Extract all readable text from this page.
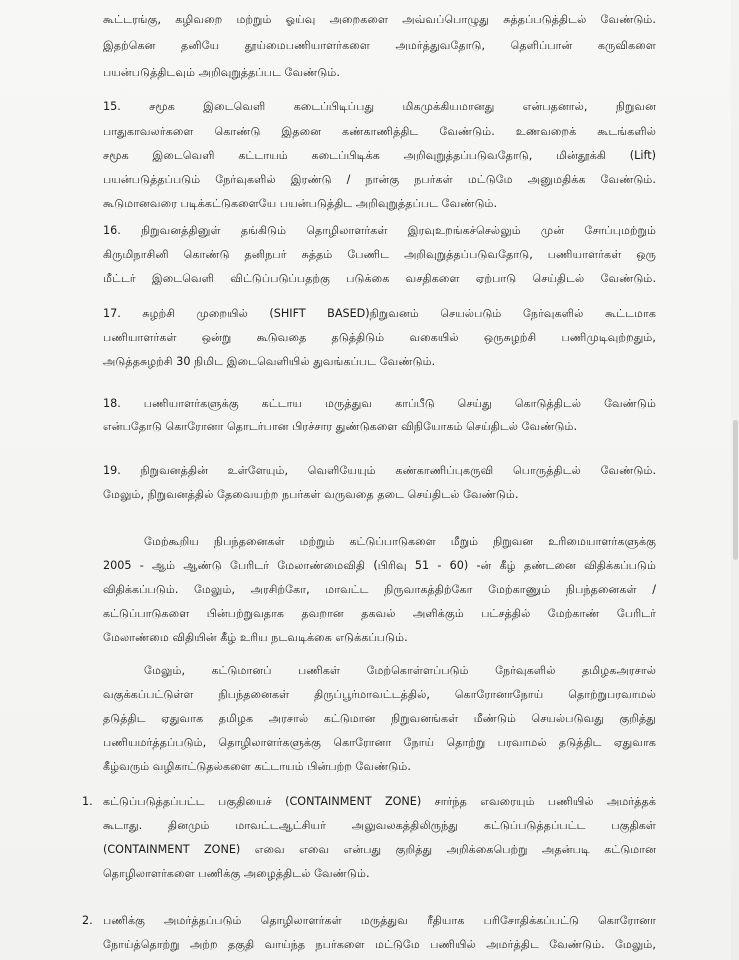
கூட்டரங்கு, கழிவறை மற்றும் ஓய்வு அறைகளை அவ்வப்பொழுது சுத்தப்படுத்திடல் வேண்டும்.
இதற்கென தனியே தூய்மைபணியாளர்களை அமர்த்துவதோடு, தெளிப்பான் கருவிகளை
பயன்படுத்திடவும் அறிவுறுத்தப்பட வேண்டும்.
15. சமூக இடைவெளி கடைப்பிடிப்பது மிகமுக்கியமானது என்பதனால், நிறுவன
பாதுகாவலர்களை கொண்டு இதனை கண்காணித்திட வேண்டும். உணவறைக் கூடங்களில்
சமூக இடைவெளி கட்டாயம் கடைப்பிடிக்க அறிவுறுத்தப்படுவதோடு, மின்தூக்கி (Lift)
பயன்படுத்தப்படும் நேர்வுகளில் இரண்டு / நான்கு நபர்கள் மட்டுமே அனுமதிக்க வேண்டும்.
கூடுமானவரை படிக்கட்டுகளையே பயன்படுத்திட அறிவுறுத்தப்பட வேண்டும்.
16. நிறுவனத்தினுள் தங்கிடும் தொழிலாளர்கள் இரவுஉறங்கச்செல்லும் முன் சோப்புமற்றும்
கிருமிநாசினி கொண்டு தனிநபர் சுத்தம் பேணிட அறிவுறுத்தப்படுவதோடு, பணியாளர்கள் ஒரு
மீட்டர் இடைவெளி விட்டுப்படுப்பதற்கு படுக்கை வசதிகளை ஏற்பாடு செய்திடல் வேண்டும்.
17. சுழற்சி முறையில் (SHIFT BASED)நிறுவனம் செயல்படும் நேர்வுகளில் கூட்டமாக
பணியாளர்கள் ஒன்று கூடுவதை தடுத்திடும் வகையில் ஒருசுழற்சி பணிமுடிவுற்றதும்,
அடுத்தசுழற்சி 30 நிமிட இடைவெளியில் துவங்கப்பட வேண்டும்.
18. பணியாளர்களுக்கு கட்டாய மருத்துவ காப்பீடு செய்து கொடுத்திடல் வேண்டும்
என்பதோடு கொரோனா தொடர்பான பிரச்சார துண்டுகளை விநியோகம் செய்திடல் வேண்டும்.
19. நிறுவனத்தின் உள்ளேயும், வெளியேயும் கண்காணிப்புகருவி பொருத்திடல் வேண்டும்.
மேலும், நிறுவனத்தில் தேவையற்ற நபர்கள் வருவதை தடை செய்திடல் வேண்டும்.
மேற்கூறிய நிபந்தனைகள் மற்றும் கட்டுப்பாடுகளை மீறும் நிறுவன உரிமையாளர்களுக்கு
2005 - ஆம் ஆண்டு பேரிடர் மேலாண்மைவிதி (பிரிவு 51 - 60) -ன் கீழ் தண்டனை விதிக்கப்படும்
விதிக்கப்படும். மேலும், அரசிற்கோ, மாவட்ட நிருவாகத்திற்கோ மேற்காணும் நிபந்தனைகள் /
கட்டுப்பாடுகளை பின்பற்றுவதாக தவறான தகவல் அளிக்கும் பட்சத்தில் மேற்காண் பேரிடர்
மேலாண்மை விதியின் கீழ் உரிய நடவடிக்கை எடுக்கப்படும்.
மேலும், கட்டுமானப் பணிகள் மேற்கொள்ளப்படும் நேர்வுகளில் தமிழகஅரசால்
வகுக்கப்பட்டுள்ள நிபந்தனைகள் திருப்பூர்மாவட்டத்தில், கொரோனாநோய் தொற்றுபரவாமல்
தடுத்திட ஏதுவாக தமிழக அரசால் கட்டுமான நிறுவனங்கள் மீண்டும் செயல்படுவது குறித்து
பணியமர்த்தப்படும், தொழிலாளர்களுக்கு கொரோனா நோய் தொற்று பரவாமல் தடுத்திட ஏதுவாக
கீழ்வரும் வழிகாட்டுதல்களை கட்டாயம் பின்பற்ற வேண்டும்.
1. கட்டுப்படுத்தப்பட்ட பகுதியைச் (CONTAINMENT ZONE) சார்ந்த எவரையும் பணியில் அமர்த்தக்
கூடாது. தினமும் மாவட்டஆட்சியர் அலுவலகத்திலிருந்து கட்டுப்படுத்தப்பட்ட பகுதிகள்
(CONTAINMENT ZONE) எவை எவை என்பது குறித்து அறிக்கைபெற்று அதன்படி கட்டுமான
தொழிலாளர்களை பணிக்கு அழைத்திடல் வேண்டும்.
2. பணிக்கு அமர்த்தப்படும் தொழிலாளர்கள் மருத்துவ ரீதியாக பரிசோதிக்கப்பட்டு கொரோனா
நோய்த்தொற்று அற்ற தகுதி வாய்ந்த நபர்களை மட்டுமே பணியில் அமர்த்திட வேண்டும். மேலும்,
